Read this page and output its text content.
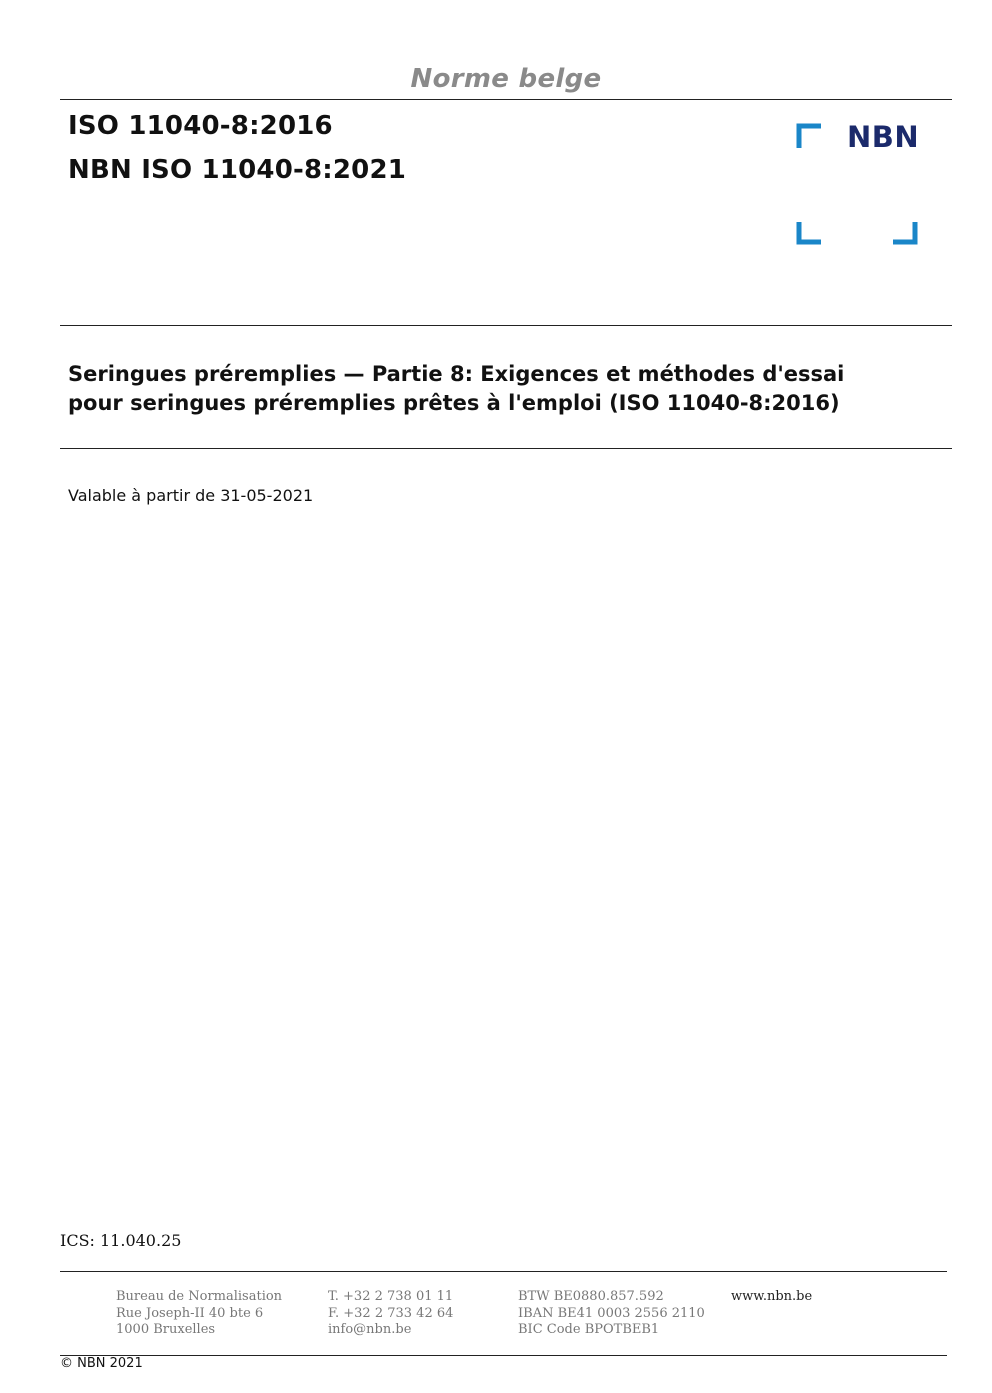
Norme belge
ISO 11040-8:2016
NBN ISO 11040-8:2021
NBN
Seringues préremplies — Partie 8: Exigences et méthodes d'essai
pour seringues préremplies prêtes à l'emploi (ISO 11040-8:2016)
Valable à partir de 31-05-2021
ICS: 11.040.25
Bureau de Normalisation
Rue Joseph-II 40 bte 6
1000 Bruxelles
T. +32 2 738 01 11
F. +32 2 733 42 64
info@nbn.be
BTW BE0880.857.592
IBAN BE41 0003 2556 2110
BIC Code BPOTBEB1
www.nbn.be
© NBN 2021
